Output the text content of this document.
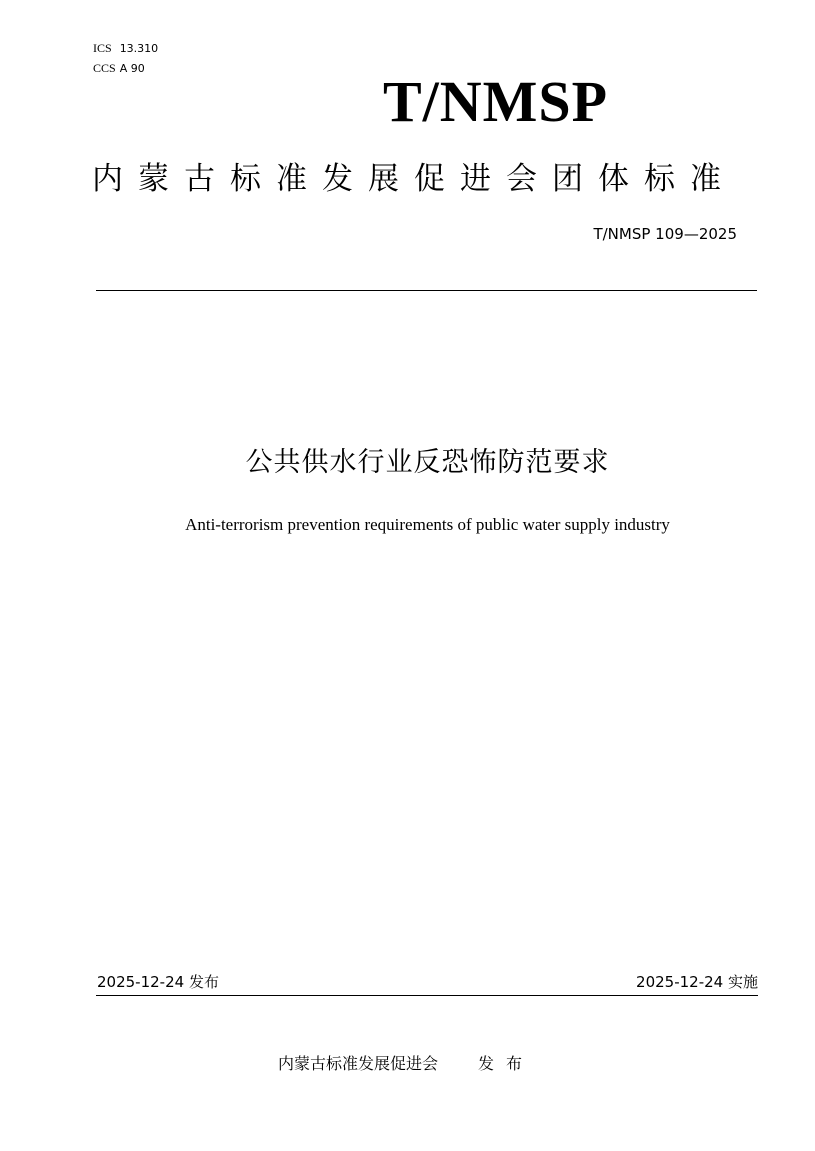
ICS 13.310
CCS A 90
T/NMSP
内蒙古标准发展促进会团体标准
T/NMSP 109—2025
公共供水行业反恐怖防范要求
Anti-terrorism prevention requirements of public water supply industry
2025-12-24 发布	2025-12-24 实施
内蒙古标准发展促进会	发布
